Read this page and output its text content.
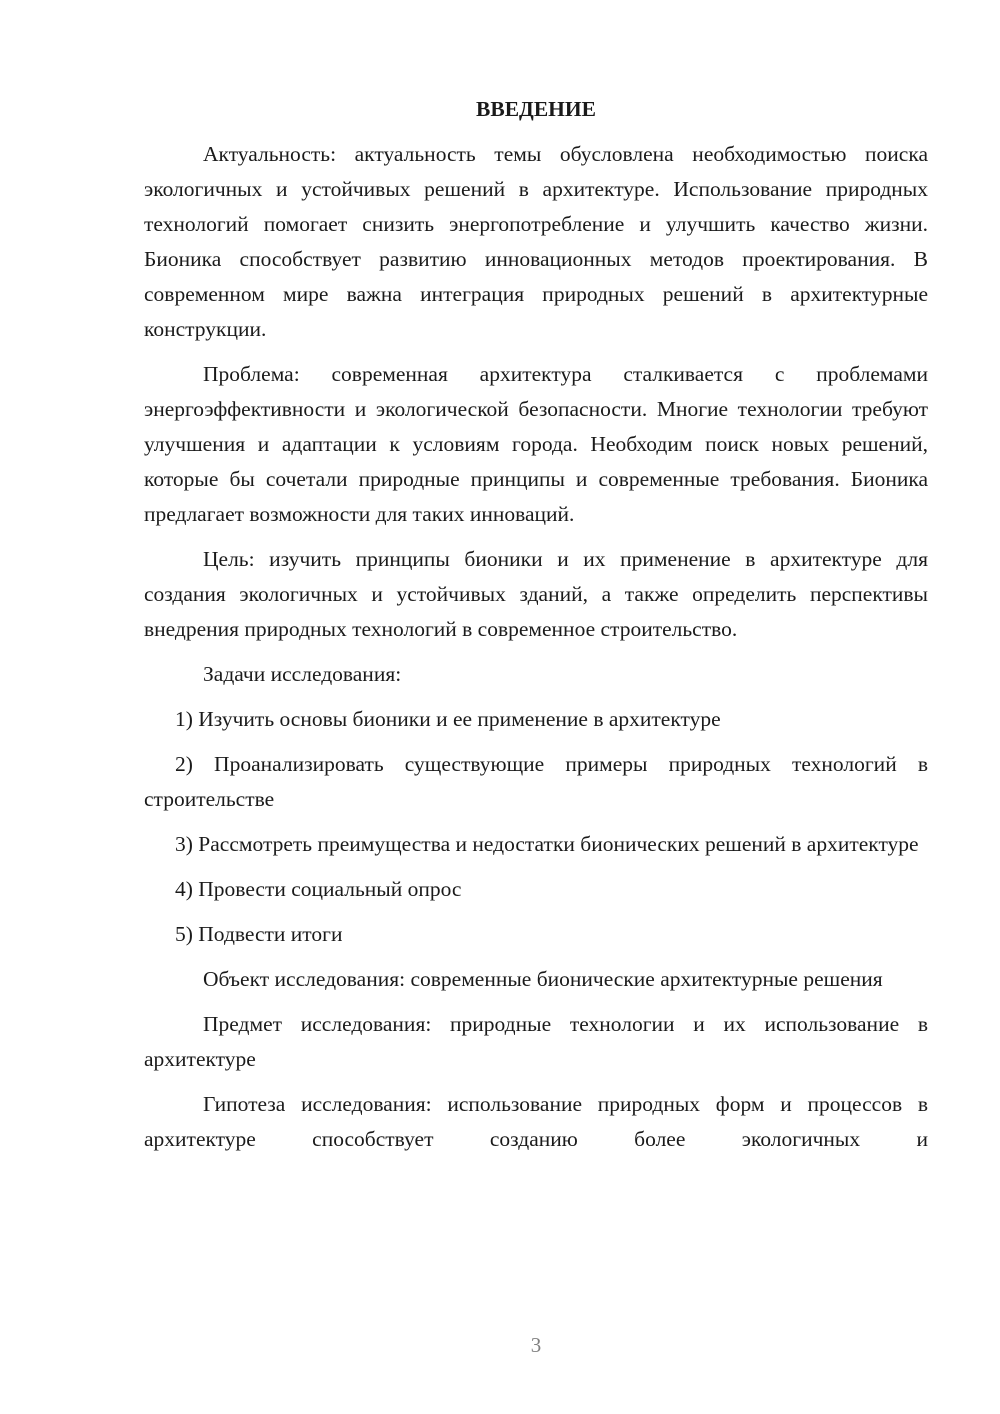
ВВЕДЕНИЕ

Актуальность: актуальность темы обусловлена необходимостью поиска экологичных и устойчивых решений в архитектуре. Использование природных технологий помогает снизить энергопотребление и улучшить качество жизни. Бионика способствует развитию инновационных методов проектирования. В современном мире важна интеграция природных решений в архитектурные конструкции.

Проблема: современная архитектура сталкивается с проблемами энергоэффективности и экологической безопасности. Многие технологии требуют улучшения и адаптации к условиям города. Необходим поиск новых решений, которые бы сочетали природные принципы и современные требования. Бионика предлагает возможности для таких инноваций.

Цель: изучить принципы бионики и их применение в архитектуре для создания экологичных и устойчивых зданий, а также определить перспективы внедрения природных технологий в современное строительство.

Задачи исследования:

1) Изучить основы бионики и ее применение в архитектуре

2) Проанализировать существующие примеры природных технологий в строительстве

3) Рассмотреть преимущества и недостатки бионических решений в архитектуре

4) Провести социальный опрос

5) Подвести итоги

Объект исследования: современные бионические архитектурные решения

Предмет исследования: природные технологии и их использование в архитектуре

Гипотеза исследования: использование природных форм и процессов в архитектуре способствует созданию более экологичных и

3
